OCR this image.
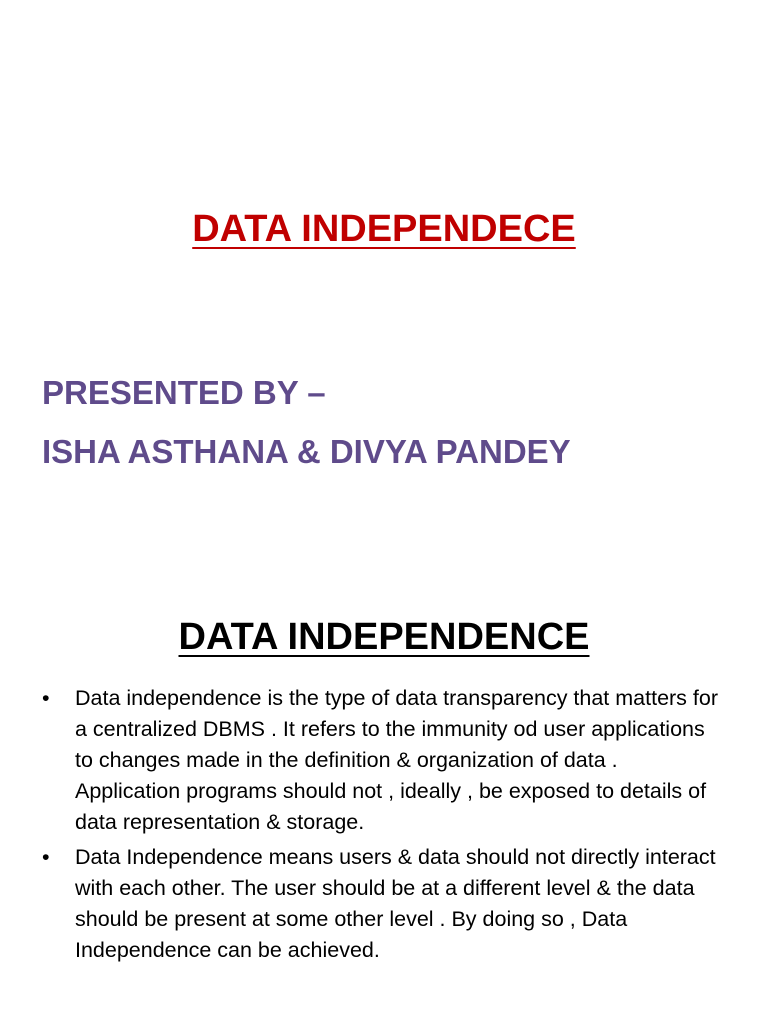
DATA INDEPENDECE
PRESENTED BY –
ISHA ASTHANA & DIVYA PANDEY
DATA INDEPENDENCE
• Data independence is the type of data transparency that matters for a centralized DBMS . It refers to the immunity od user applications to changes made in the definition & organization of data . Application programs should not , ideally , be exposed to details of data representation & storage.
• Data Independence means users & data should not directly interact with each other. The user should be at a different level & the data should be present at some other level . By doing so , Data Independence can be achieved.
